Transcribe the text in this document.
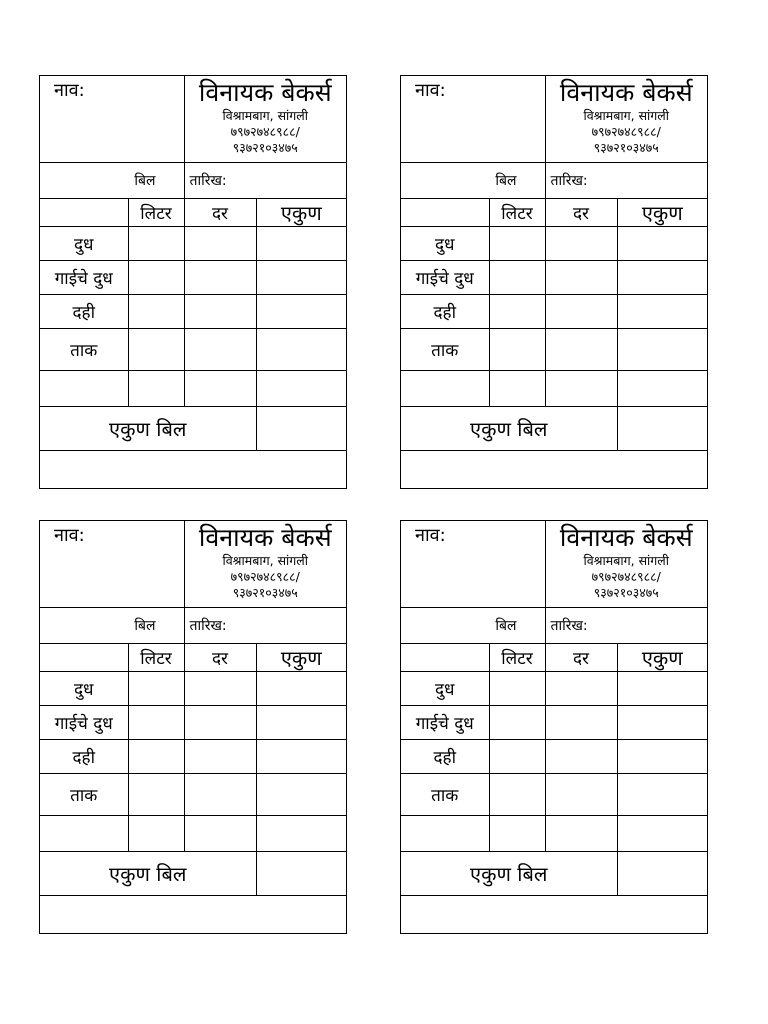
नाव:		विनायक बेकर्स
विश्रामबाग, सांगली
७९७२७४८९८८/
९३७२१०३४७५	

बिल		तारिख:	
	लिटर	दर	एकुण
दुध			
गाईचे दुध			
दही			
ताक			

एकुण बिल			

नाव:		विनायक बेकर्स
विश्रामबाग, सांगली
७९७२७४८९८८/
९३७२१०३४७५	

बिल		तारिख:	
	लिटर	दर	एकुण
दुध			
गाईचे दुध			
दही			
ताक			

एकुण बिल			

नाव:		विनायक बेकर्स
विश्रामबाग, सांगली
७९७२७४८९८८/
९३७२१०३४७५	

बिल		तारिख:	
	लिटर	दर	एकुण
दुध			
गाईचे दुध			
दही			
ताक			

एकुण बिल			

नाव:		विनायक बेकर्स
विश्रामबाग, सांगली
७९७२७४८९८८/
९३७२१०३४७५	

बिल		तारिख:	
	लिटर	दर	एकुण
दुध			
गाईचे दुध			
दही			
ताक			

एकुण बिल			
